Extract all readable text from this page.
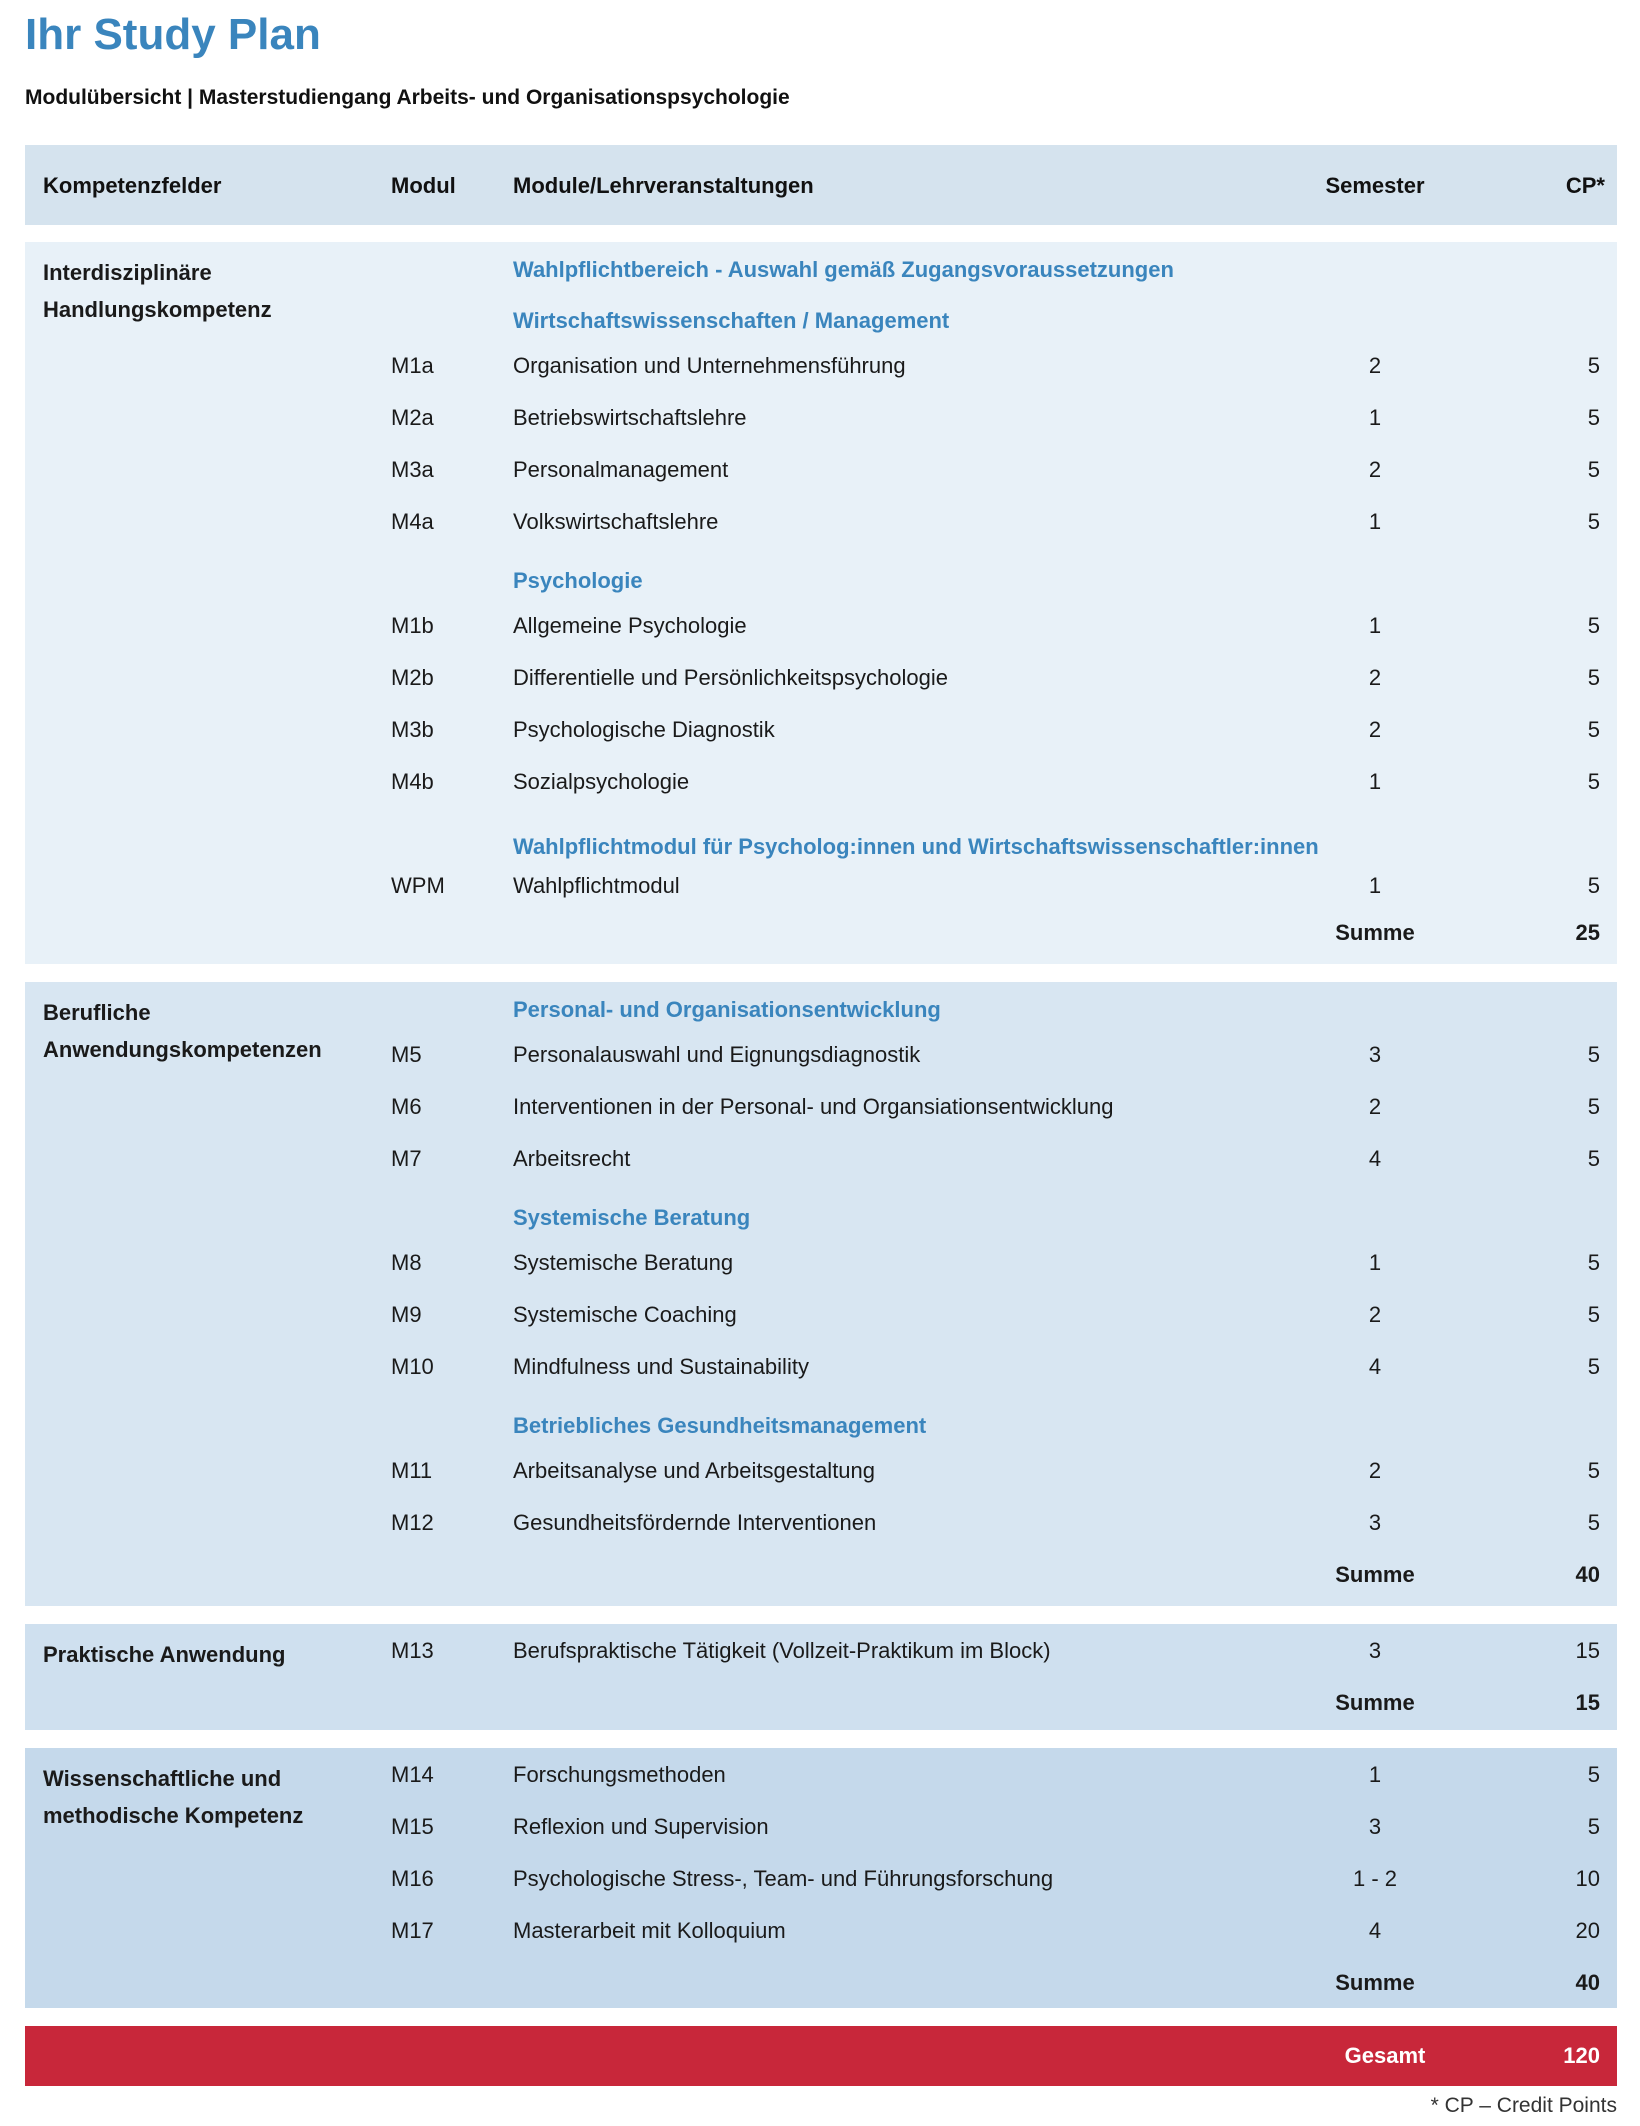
Ihr Study Plan

Modulübersicht | Masterstudiengang Arbeits- und Organisationspsychologie

Kompetenzfelder	Modul	Module/Lehrveranstaltungen	Semester	CP*
Interdisziplinäre Handlungskompetenz
Wahlpflichtbereich - Auswahl gemäß Zugangsvoraussetzungen
Wirtschaftswissenschaften / Management
M1a	Organisation und Unternehmensführung	2	5
M2a	Betriebswirtschaftslehre	1	5
M3a	Personalmanagement	2	5
M4a	Volkswirtschaftslehre	1	5
Psychologie
M1b	Allgemeine Psychologie	1	5
M2b	Differentielle und Persönlichkeitspsychologie	2	5
M3b	Psychologische Diagnostik	2	5
M4b	Sozialpsychologie	1	5
Wahlpflichtmodul für Psycholog:innen und Wirtschaftswissenschaftler:innen
WPM	Wahlpflichtmodul	1	5
Summe	25
Berufliche Anwendungskompetenzen
Personal- und Organisationsentwicklung
M5	Personalauswahl und Eignungsdiagnostik	3	5
M6	Interventionen in der Personal- und Organsiationsentwicklung	2	5
M7	Arbeitsrecht	4	5
Systemische Beratung
M8	Systemische Beratung	1	5
M9	Systemische Coaching	2	5
M10	Mindfulness und Sustainability	4	5
Betriebliches Gesundheitsmanagement
M11	Arbeitsanalyse und Arbeitsgestaltung	2	5
M12	Gesundheitsfördernde Interventionen	3	5
Summe	40
Praktische Anwendung	M13	Berufspraktische Tätigkeit (Vollzeit-Praktikum im Block)	3	15
Summe	15
Wissenschaftliche und methodische Kompetenz
M14	Forschungsmethoden	1	5
M15	Reflexion und Supervision	3	5
M16	Psychologische Stress-, Team- und Führungsforschung	1 - 2	10
M17	Masterarbeit mit Kolloquium	4	20
Summe	40
Gesamt	120

* CP – Credit Points
